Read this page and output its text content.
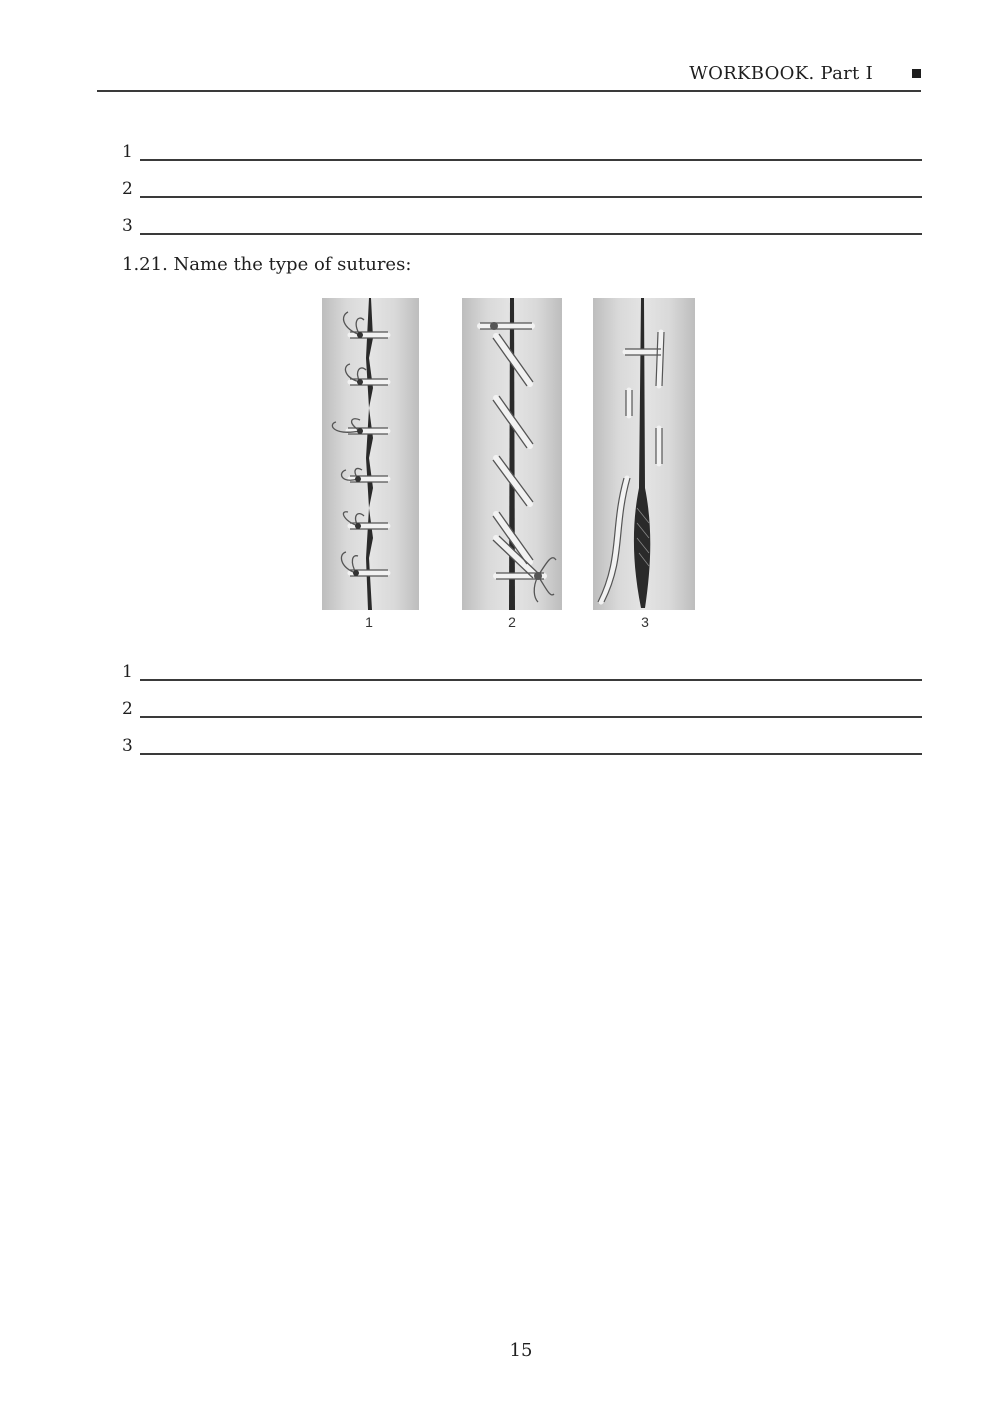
WORKBOOK. Part I
1
2
3
1.21. Name the type of sutures:
1	2	3
1
2
3
15
